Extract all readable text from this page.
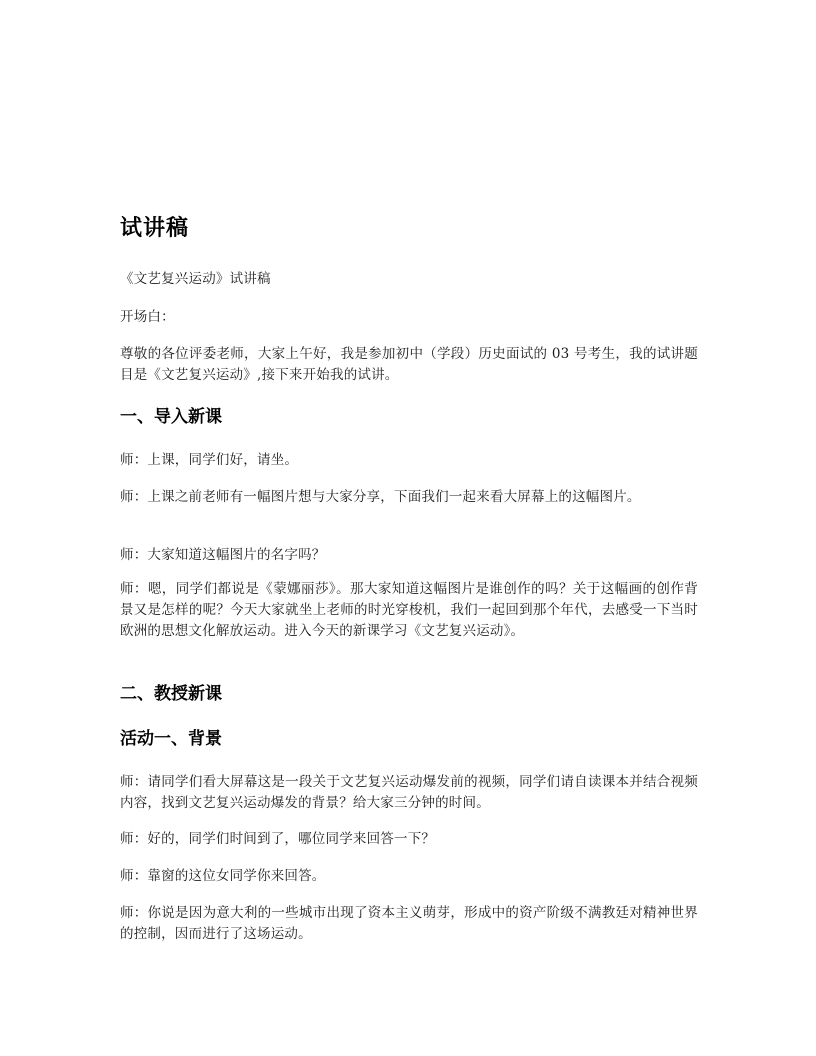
试讲稿

《文艺复兴运动》试讲稿

开场白：

尊敬的各位评委老师，大家上午好，我是参加初中（学段）历史面试的 03 号考生，我的试讲题目是《文艺复兴运动》,接下来开始我的试讲。

一、导入新课

师：上课，同学们好，请坐。

师：上课之前老师有一幅图片想与大家分享，下面我们一起来看大屏幕上的这幅图片。

师：大家知道这幅图片的名字吗？

师：嗯，同学们都说是《蒙娜丽莎》。那大家知道这幅图片是谁创作的吗？关于这幅画的创作背景又是怎样的呢？今天大家就坐上老师的时光穿梭机，我们一起回到那个年代，去感受一下当时欧洲的思想文化解放运动。进入今天的新课学习《文艺复兴运动》。

二、教授新课
活动一、背景

师：请同学们看大屏幕这是一段关于文艺复兴运动爆发前的视频，同学们请自读课本并结合视频内容，找到文艺复兴运动爆发的背景？给大家三分钟的时间。

师：好的，同学们时间到了，哪位同学来回答一下？

师：靠窗的这位女同学你来回答。

师：你说是因为意大利的一些城市出现了资本主义萌芽，形成中的资产阶级不满教廷对精神世界的控制，因而进行了这场运动。
